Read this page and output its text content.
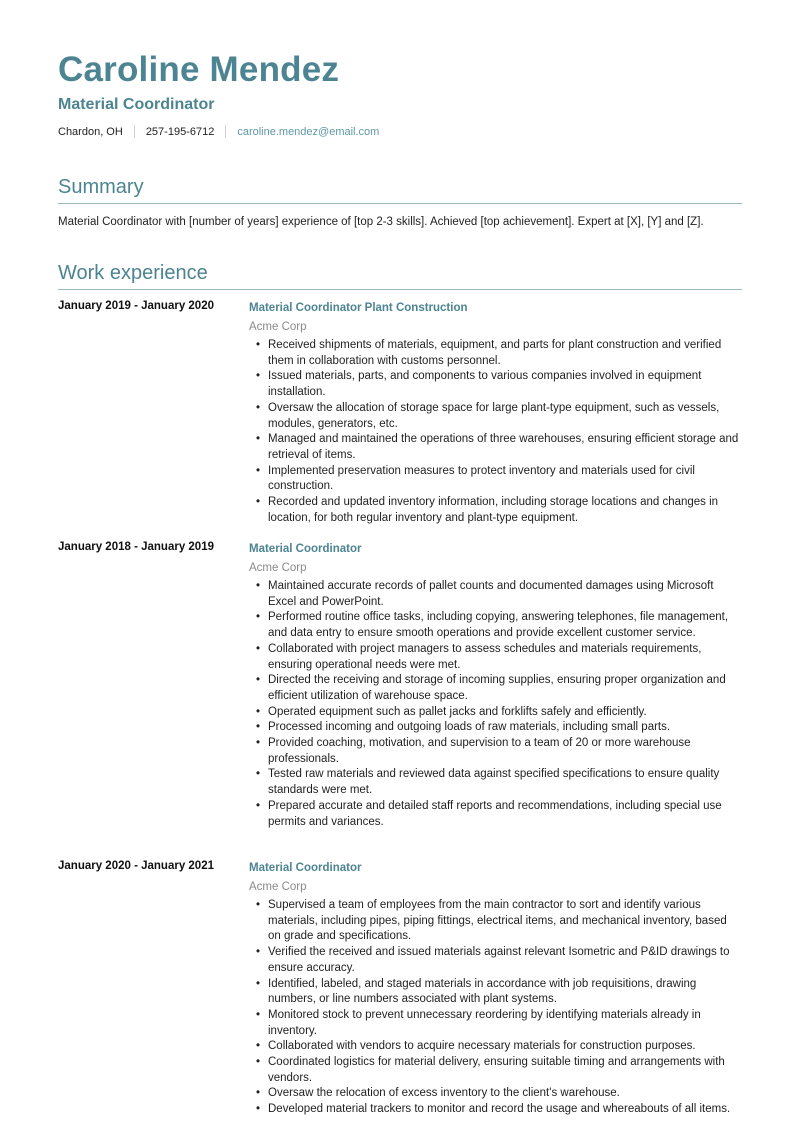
Caroline Mendez
Material Coordinator
Chardon, OH 257-195-6712 caroline.mendez@email.com
Summary
Material Coordinator with [number of years] experience of [top 2-3 skills]. Achieved [top achievement]. Expert at [X], [Y] and [Z].
Work experience
January 2019 - January 2020	Material Coordinator Plant Construction
Acme Corp
• Received shipments of materials, equipment, and parts for plant construction and verified them in collaboration with customs personnel.
• Issued materials, parts, and components to various companies involved in equipment installation.
• Oversaw the allocation of storage space for large plant-type equipment, such as vessels, modules, generators, etc.
• Managed and maintained the operations of three warehouses, ensuring efficient storage and retrieval of items.
• Implemented preservation measures to protect inventory and materials used for civil construction.
• Recorded and updated inventory information, including storage locations and changes in location, for both regular inventory and plant-type equipment.
January 2018 - January 2019	Material Coordinator
Acme Corp
• Maintained accurate records of pallet counts and documented damages using Microsoft Excel and PowerPoint.
• Performed routine office tasks, including copying, answering telephones, file management, and data entry to ensure smooth operations and provide excellent customer service.
• Collaborated with project managers to assess schedules and materials requirements, ensuring operational needs were met.
• Directed the receiving and storage of incoming supplies, ensuring proper organization and efficient utilization of warehouse space.
• Operated equipment such as pallet jacks and forklifts safely and efficiently.
• Processed incoming and outgoing loads of raw materials, including small parts.
• Provided coaching, motivation, and supervision to a team of 20 or more warehouse professionals.
• Tested raw materials and reviewed data against specified specifications to ensure quality standards were met.
• Prepared accurate and detailed staff reports and recommendations, including special use permits and variances.
January 2020 - January 2021	Material Coordinator
Acme Corp
• Supervised a team of employees from the main contractor to sort and identify various materials, including pipes, piping fittings, electrical items, and mechanical inventory, based on grade and specifications.
• Verified the received and issued materials against relevant Isometric and P&ID drawings to ensure accuracy.
• Identified, labeled, and staged materials in accordance with job requisitions, drawing numbers, or line numbers associated with plant systems.
• Monitored stock to prevent unnecessary reordering by identifying materials already in inventory.
• Collaborated with vendors to acquire necessary materials for construction purposes.
• Coordinated logistics for material delivery, ensuring suitable timing and arrangements with vendors.
• Oversaw the relocation of excess inventory to the client's warehouse.
• Developed material trackers to monitor and record the usage and whereabouts of all items.
